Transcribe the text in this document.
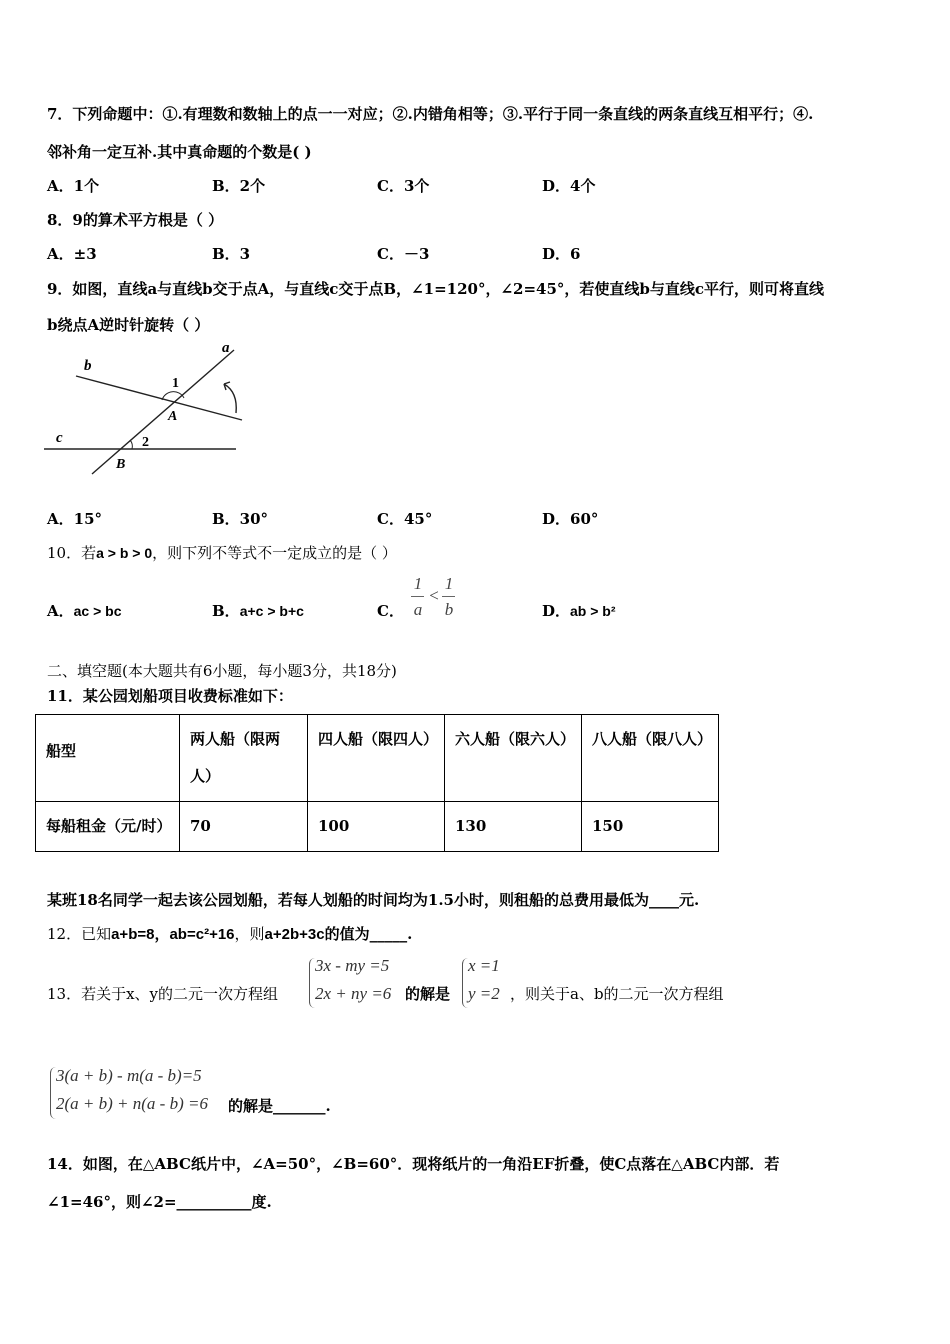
7．下列命题中：①.有理数和数轴上的点一一对应；②.内错角相等；③.平行于同一条直线的两条直线互相平行；④.
邻补角一定互补.其中真命题的个数是( )
A．1个	B．2个	C．3个	D．4个
8．9的算术平方根是（ ）
A．±3	B．3	C．－3	D．6
9．如图，直线a与直线b交于点A，与直线c交于点B，∠1=120°，∠2=45°，若使直线b与直线c平行，则可将直线
b绕点A逆时针旋转（ ）
a
b
c
A
B
1
2
A．15°	B．30°	C．45°	D．60°
10．若a > b > 0，则下列不等式不一定成立的是（ ）
A．ac > bc	B．a+c > b+c	C．
1
a
<
1
b	D．ab > b²
二、填空题(本大题共有6小题，每小题3分，共18分)
11．某公园划船项目收费标准如下：
船型	两人船（限两人）	四人船（限四人）	六人船（限六人）	八人船（限八人）
每船租金（元/时）	70	100	130	150
某班18名同学一起去该公园划船，若每人划船的时间均为1.5小时，则租船的总费用最低为____元.
12．已知a+b=8，ab=c²+16，则a+2b+3c的值为_____.
13．若关于x、y的二元一次方程组
3x - my =5
2x + ny =6 的解是
x =1
y =2 ，则关于a、b的二元一次方程组
3(a + b) - m(a - b)=5
2(a + b) + n(a - b) =6 的解是_______.
14．如图，在△ABC纸片中，∠A=50°，∠B=60°．现将纸片的一角沿EF折叠，使C点落在△ABC内部．若
∠1=46°，则∠2=__________度.
